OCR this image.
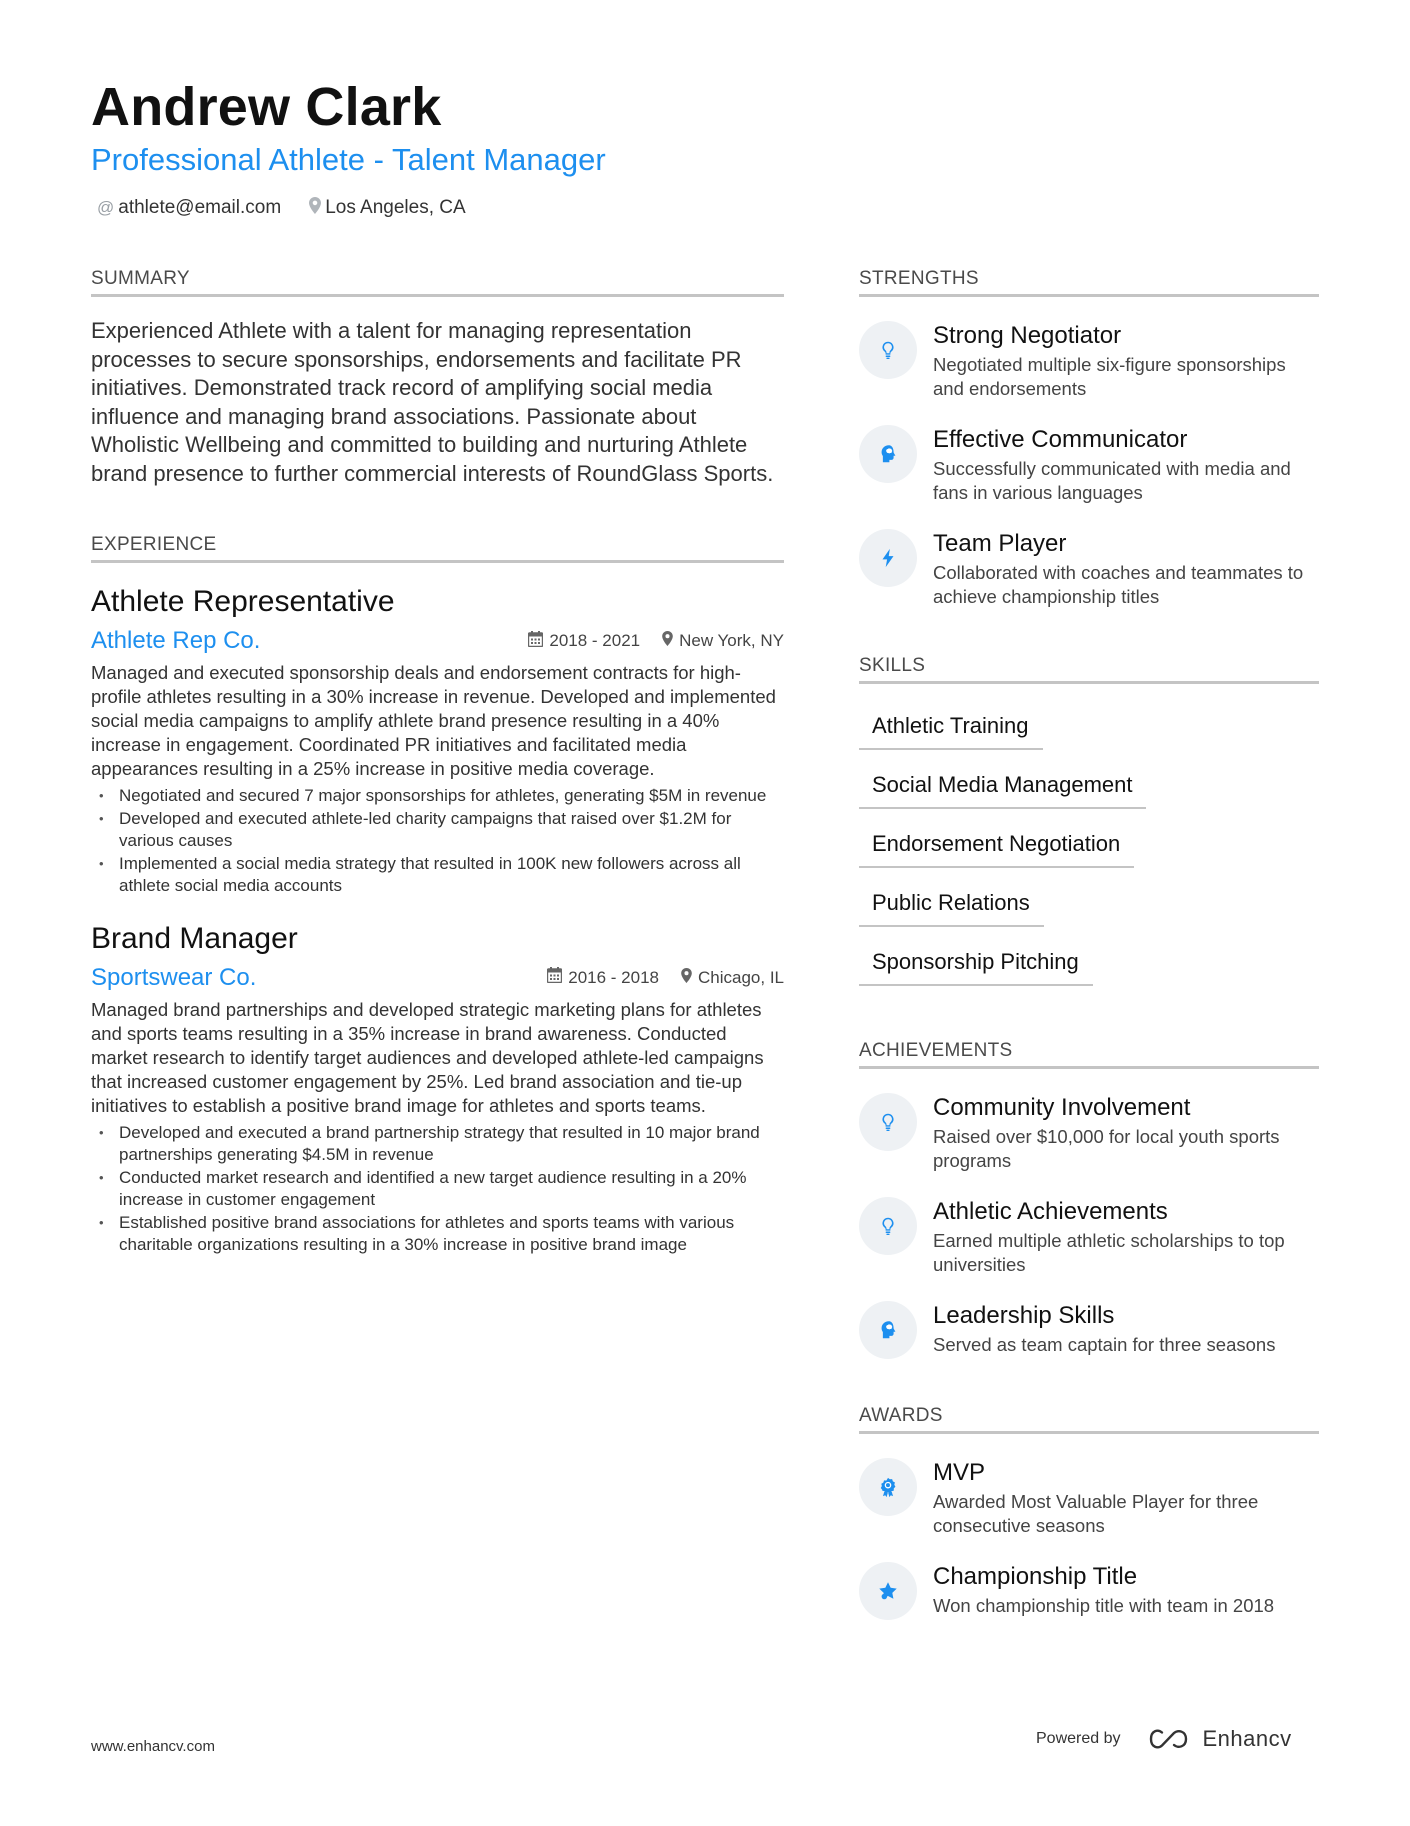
Andrew Clark
Professional Athlete - Talent Manager
@ athlete@email.com Los Angeles, CA
SUMMARY
Experienced Athlete with a talent for managing representation processes to secure sponsorships, endorsements and facilitate PR initiatives. Demonstrated track record of amplifying social media influence and managing brand associations. Passionate about Wholistic Wellbeing and committed to building and nurturing Athlete brand presence to further commercial interests of RoundGlass Sports.
EXPERIENCE
Athlete Representative
Athlete Rep Co.	2018 - 2021 New York, NY
Managed and executed sponsorship deals and endorsement contracts for high-profile athletes resulting in a 30% increase in revenue. Developed and implemented social media campaigns to amplify athlete brand presence resulting in a 40% increase in engagement. Coordinated PR initiatives and facilitated media appearances resulting in a 25% increase in positive media coverage.
• Negotiated and secured 7 major sponsorships for athletes, generating $5M in revenue
• Developed and executed athlete-led charity campaigns that raised over $1.2M for various causes
• Implemented a social media strategy that resulted in 100K new followers across all athlete social media accounts
Brand Manager
Sportswear Co.	2016 - 2018 Chicago, IL
Managed brand partnerships and developed strategic marketing plans for athletes and sports teams resulting in a 35% increase in brand awareness. Conducted market research to identify target audiences and developed athlete-led campaigns that increased customer engagement by 25%. Led brand association and tie-up initiatives to establish a positive brand image for athletes and sports teams.
• Developed and executed a brand partnership strategy that resulted in 10 major brand partnerships generating $4.5M in revenue
• Conducted market research and identified a new target audience resulting in a 20% increase in customer engagement
• Established positive brand associations for athletes and sports teams with various charitable organizations resulting in a 30% increase in positive brand image
STRENGTHS
Strong Negotiator
Negotiated multiple six-figure sponsorships and endorsements
Effective Communicator
Successfully communicated with media and fans in various languages
Team Player
Collaborated with coaches and teammates to achieve championship titles
SKILLS
Athletic Training
Social Media Management
Endorsement Negotiation
Public Relations
Sponsorship Pitching
ACHIEVEMENTS
Community Involvement
Raised over $10,000 for local youth sports programs
Athletic Achievements
Earned multiple athletic scholarships to top universities
Leadership Skills
Served as team captain for three seasons
AWARDS
MVP
Awarded Most Valuable Player for three consecutive seasons
Championship Title
Won championship title with team in 2018
www.enhancv.com	Powered by	Enhancv
